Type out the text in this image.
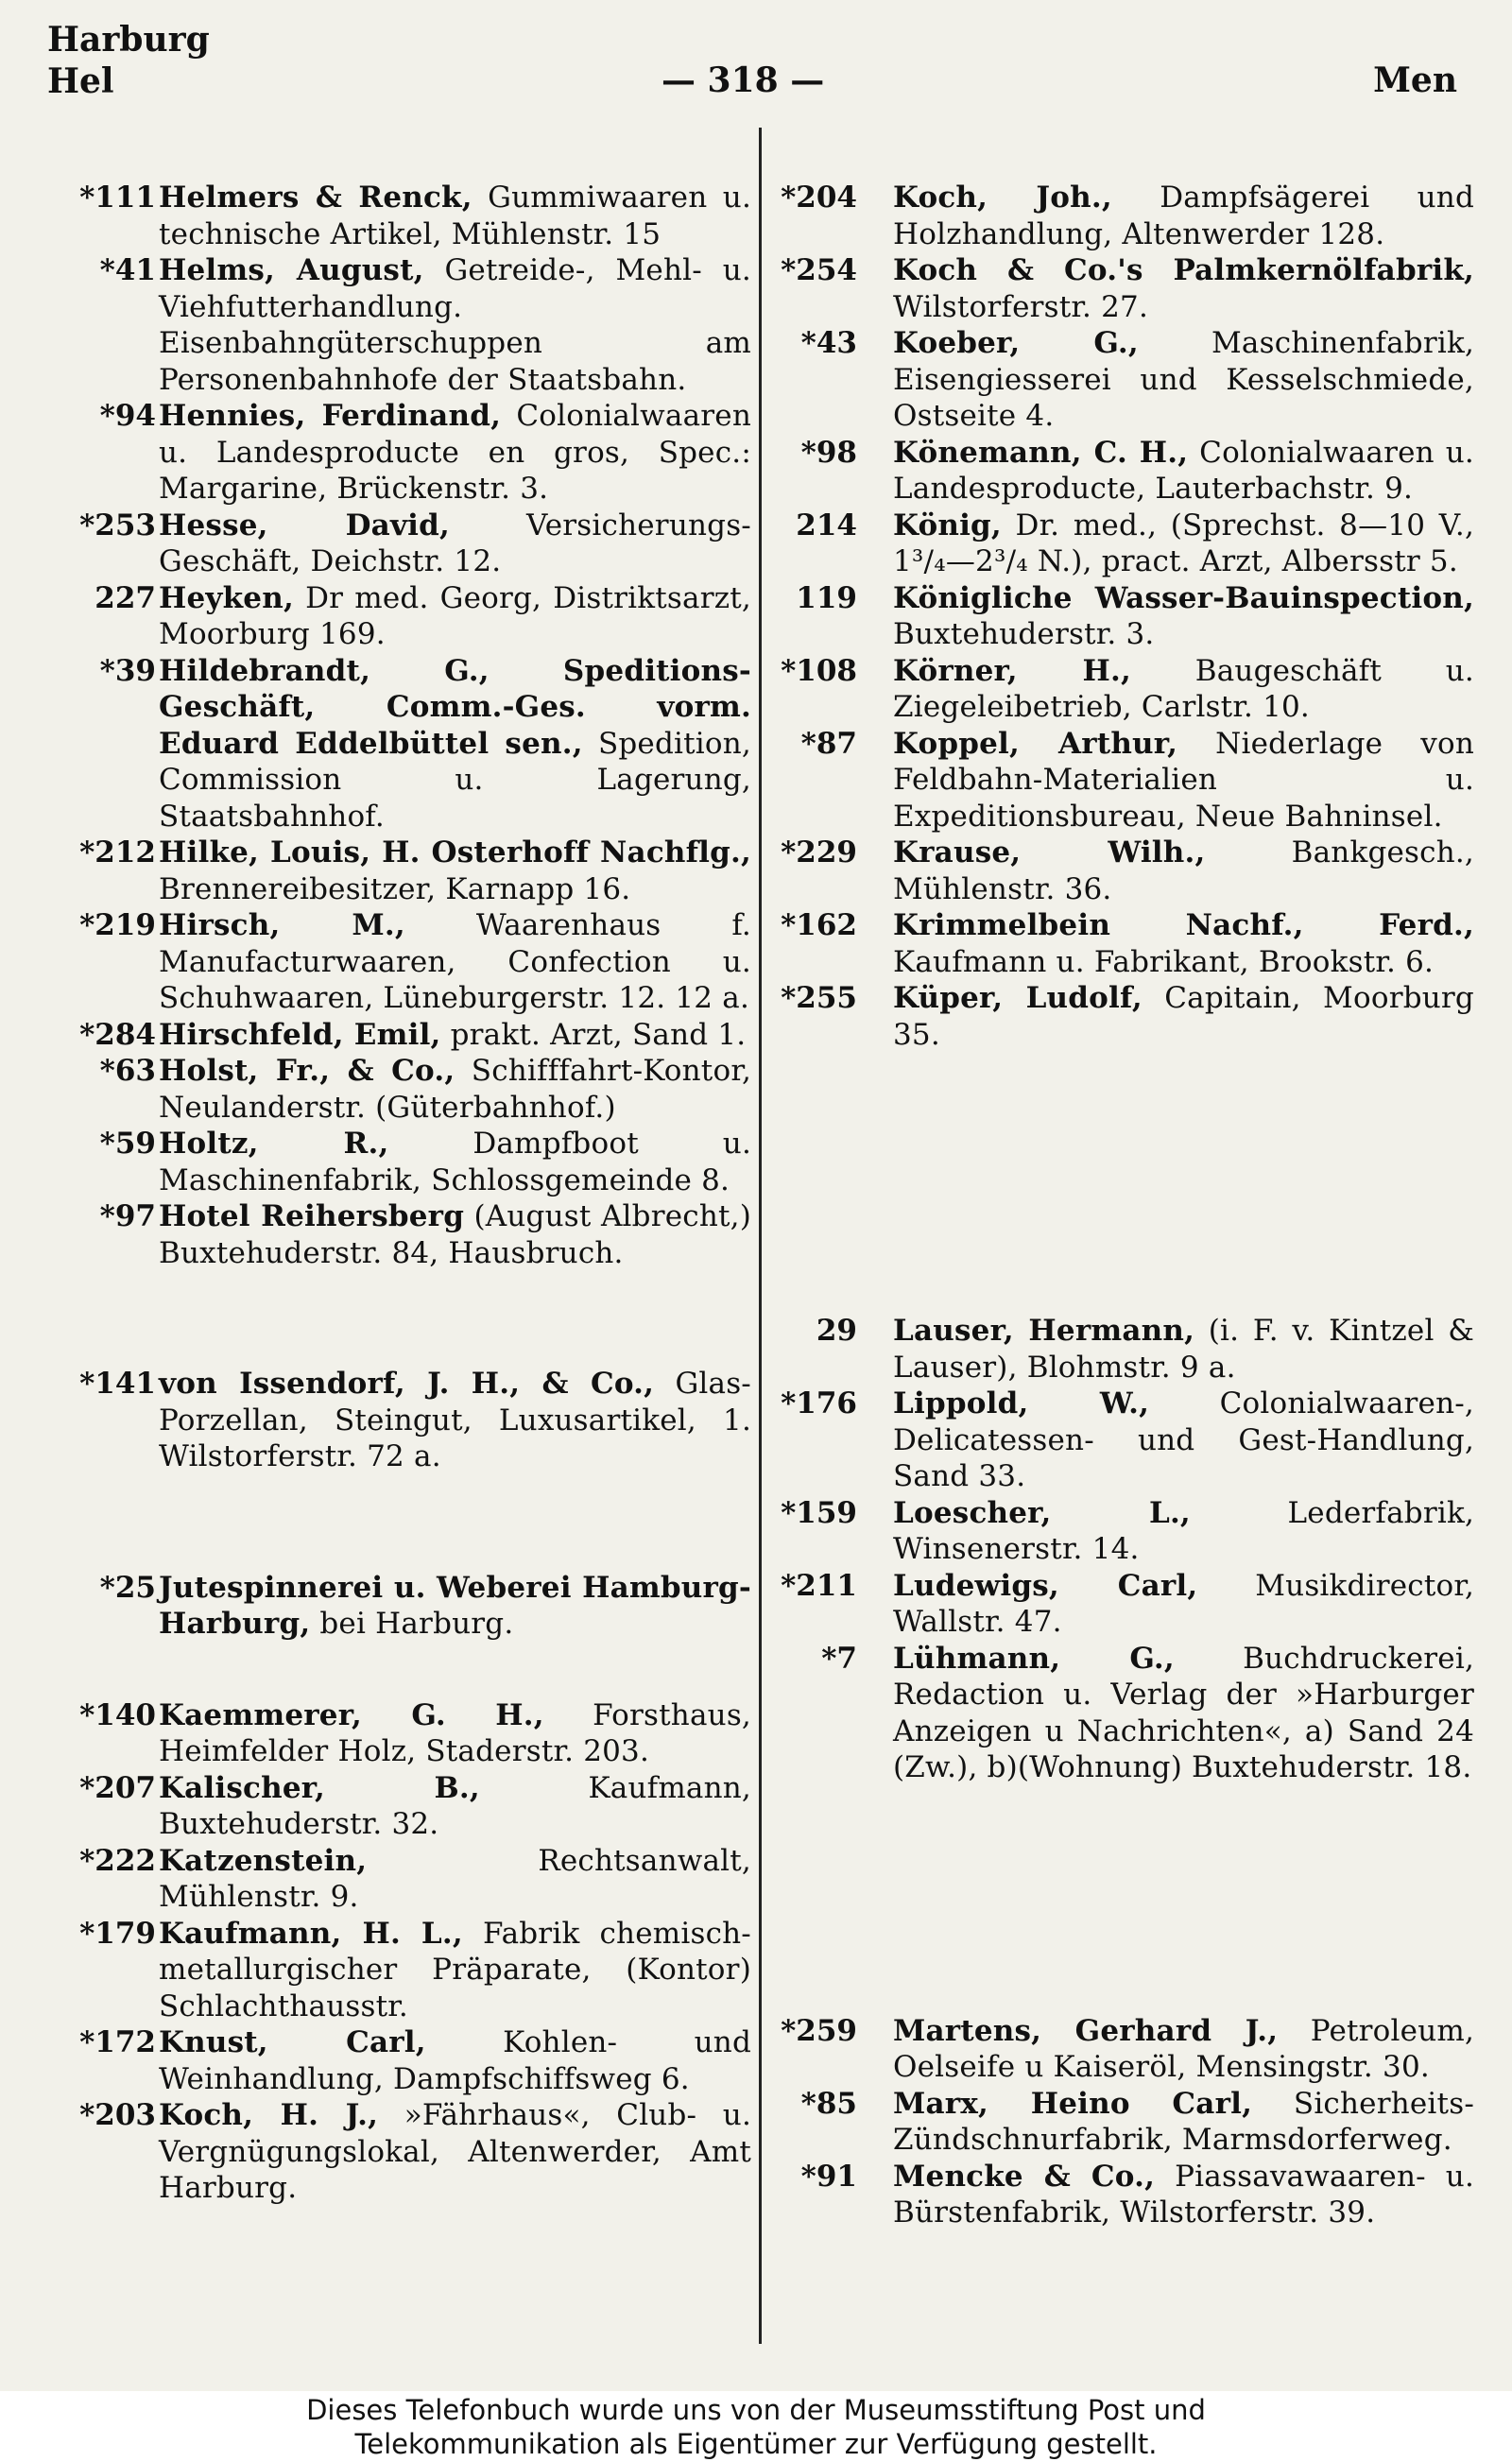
Harburg
Hel	— 318 —	Men
*111 Helmers & Renck, Gummiwaaren u. technische Artikel, Mühlenstr. 15
*41 Helms, August, Getreide-, Mehl- u. Viehfutterhandlung. Eisenbahngüterschuppen am Personenbahnhofe der Staatsbahn.
*94 Hennies, Ferdinand, Colonialwaaren u. Landesproducte en gros, Spec.: Margarine, Brückenstr. 3.
*253 Hesse, David, Versicherungs-Geschäft, Deichstr. 12.
227 Heyken, Dr med. Georg, Distriktsarzt, Moorburg 169.
*39 Hildebrandt, G., Speditions-Geschäft, Comm.-Ges. vorm. Eduard Eddelbüttel sen., Spedition, Commission u. Lagerung, Staatsbahnhof.
*212 Hilke, Louis, H. Osterhoff Nachflg., Brennereibesitzer, Karnapp 16.
*219 Hirsch, M., Waarenhaus f. Manufacturwaaren, Confection u. Schuhwaaren, Lüneburgerstr. 12. 12 a.
*284 Hirschfeld, Emil, prakt. Arzt, Sand 1.
*63 Holst, Fr., & Co., Schifffahrt-Kontor, Neulanderstr. (Güterbahnhof.)
*59 Holtz, R., Dampfboot u. Maschinenfabrik, Schlossgemeinde 8.
*97 Hotel Reihersberg (August Albrecht,) Buxtehuderstr. 84, Hausbruch.
*141 von Issendorf, J. H., & Co., Glas-Porzellan, Steingut, Luxusartikel, 1. Wilstorferstr. 72 a.
*25 Jutespinnerei u. Weberei Hamburg-Harburg, bei Harburg.
*140 Kaemmerer, G. H., Forsthaus, Heimfelder Holz, Staderstr. 203.
*207 Kalischer, B., Kaufmann, Buxtehuderstr. 32.
*222 Katzenstein, Rechtsanwalt, Mühlenstr. 9.
*179 Kaufmann, H. L., Fabrik chemisch-metallurgischer Präparate, (Kontor) Schlachthausstr.
*172 Knust, Carl, Kohlen- und Weinhandlung, Dampfschiffsweg 6.
*203 Koch, H. J., »Fährhaus«, Club- u. Vergnügungslokal, Altenwerder, Amt Harburg.
*204 Koch, Joh., Dampfsägerei und Holzhandlung, Altenwerder 128.
*254 Koch & Co.'s Palmkernölfabrik, Wilstorferstr. 27.
*43 Koeber, G., Maschinenfabrik, Eisengiesserei und Kesselschmiede, Ostseite 4.
*98 Könemann, C. H., Colonialwaaren u. Landesproducte, Lauterbachstr. 9.
214 König, Dr. med., (Sprechst. 8—10 V., 1³/₄—2³/₄ N.), pract. Arzt, Albersstr 5.
119 Königliche Wasser-Bauinspection, Buxtehuderstr. 3.
*108 Körner, H., Baugeschäft u. Ziegeleibetrieb, Carlstr. 10.
*87 Koppel, Arthur, Niederlage von Feldbahn-Materialien u. Expeditionsbureau, Neue Bahninsel.
*229 Krause, Wilh., Bankgesch., Mühlenstr. 36.
*162 Krimmelbein Nachf., Ferd., Kaufmann u. Fabrikant, Brookstr. 6.
*255 Küper, Ludolf, Capitain, Moorburg 35.
29 Lauser, Hermann, (i. F. v. Kintzel & Lauser), Blohmstr. 9 a.
*176 Lippold, W., Colonialwaaren-, Delicatessen- und Gest-Handlung, Sand 33.
*159 Loescher, L., Lederfabrik, Winsenerstr. 14.
*211 Ludewigs, Carl, Musikdirector, Wallstr. 47.
*7 Lühmann, G., Buchdruckerei, Redaction u. Verlag der »Harburger Anzeigen u Nachrichten«, a) Sand 24 (Zw.), b)(Wohnung) Buxtehuderstr. 18.
*259 Martens, Gerhard J., Petroleum, Oelseife u Kaiseröl, Mensingstr. 30.
*85 Marx, Heino Carl, Sicherheits-Zündschnurfabrik, Marmsdorferweg.
*91 Mencke & Co., Piassavawaaren- u. Bürstenfabrik, Wilstorferstr. 39.
Dieses Telefonbuch wurde uns von der Museumsstiftung Post und
Telekommunikation als Eigentümer zur Verfügung gestellt.
